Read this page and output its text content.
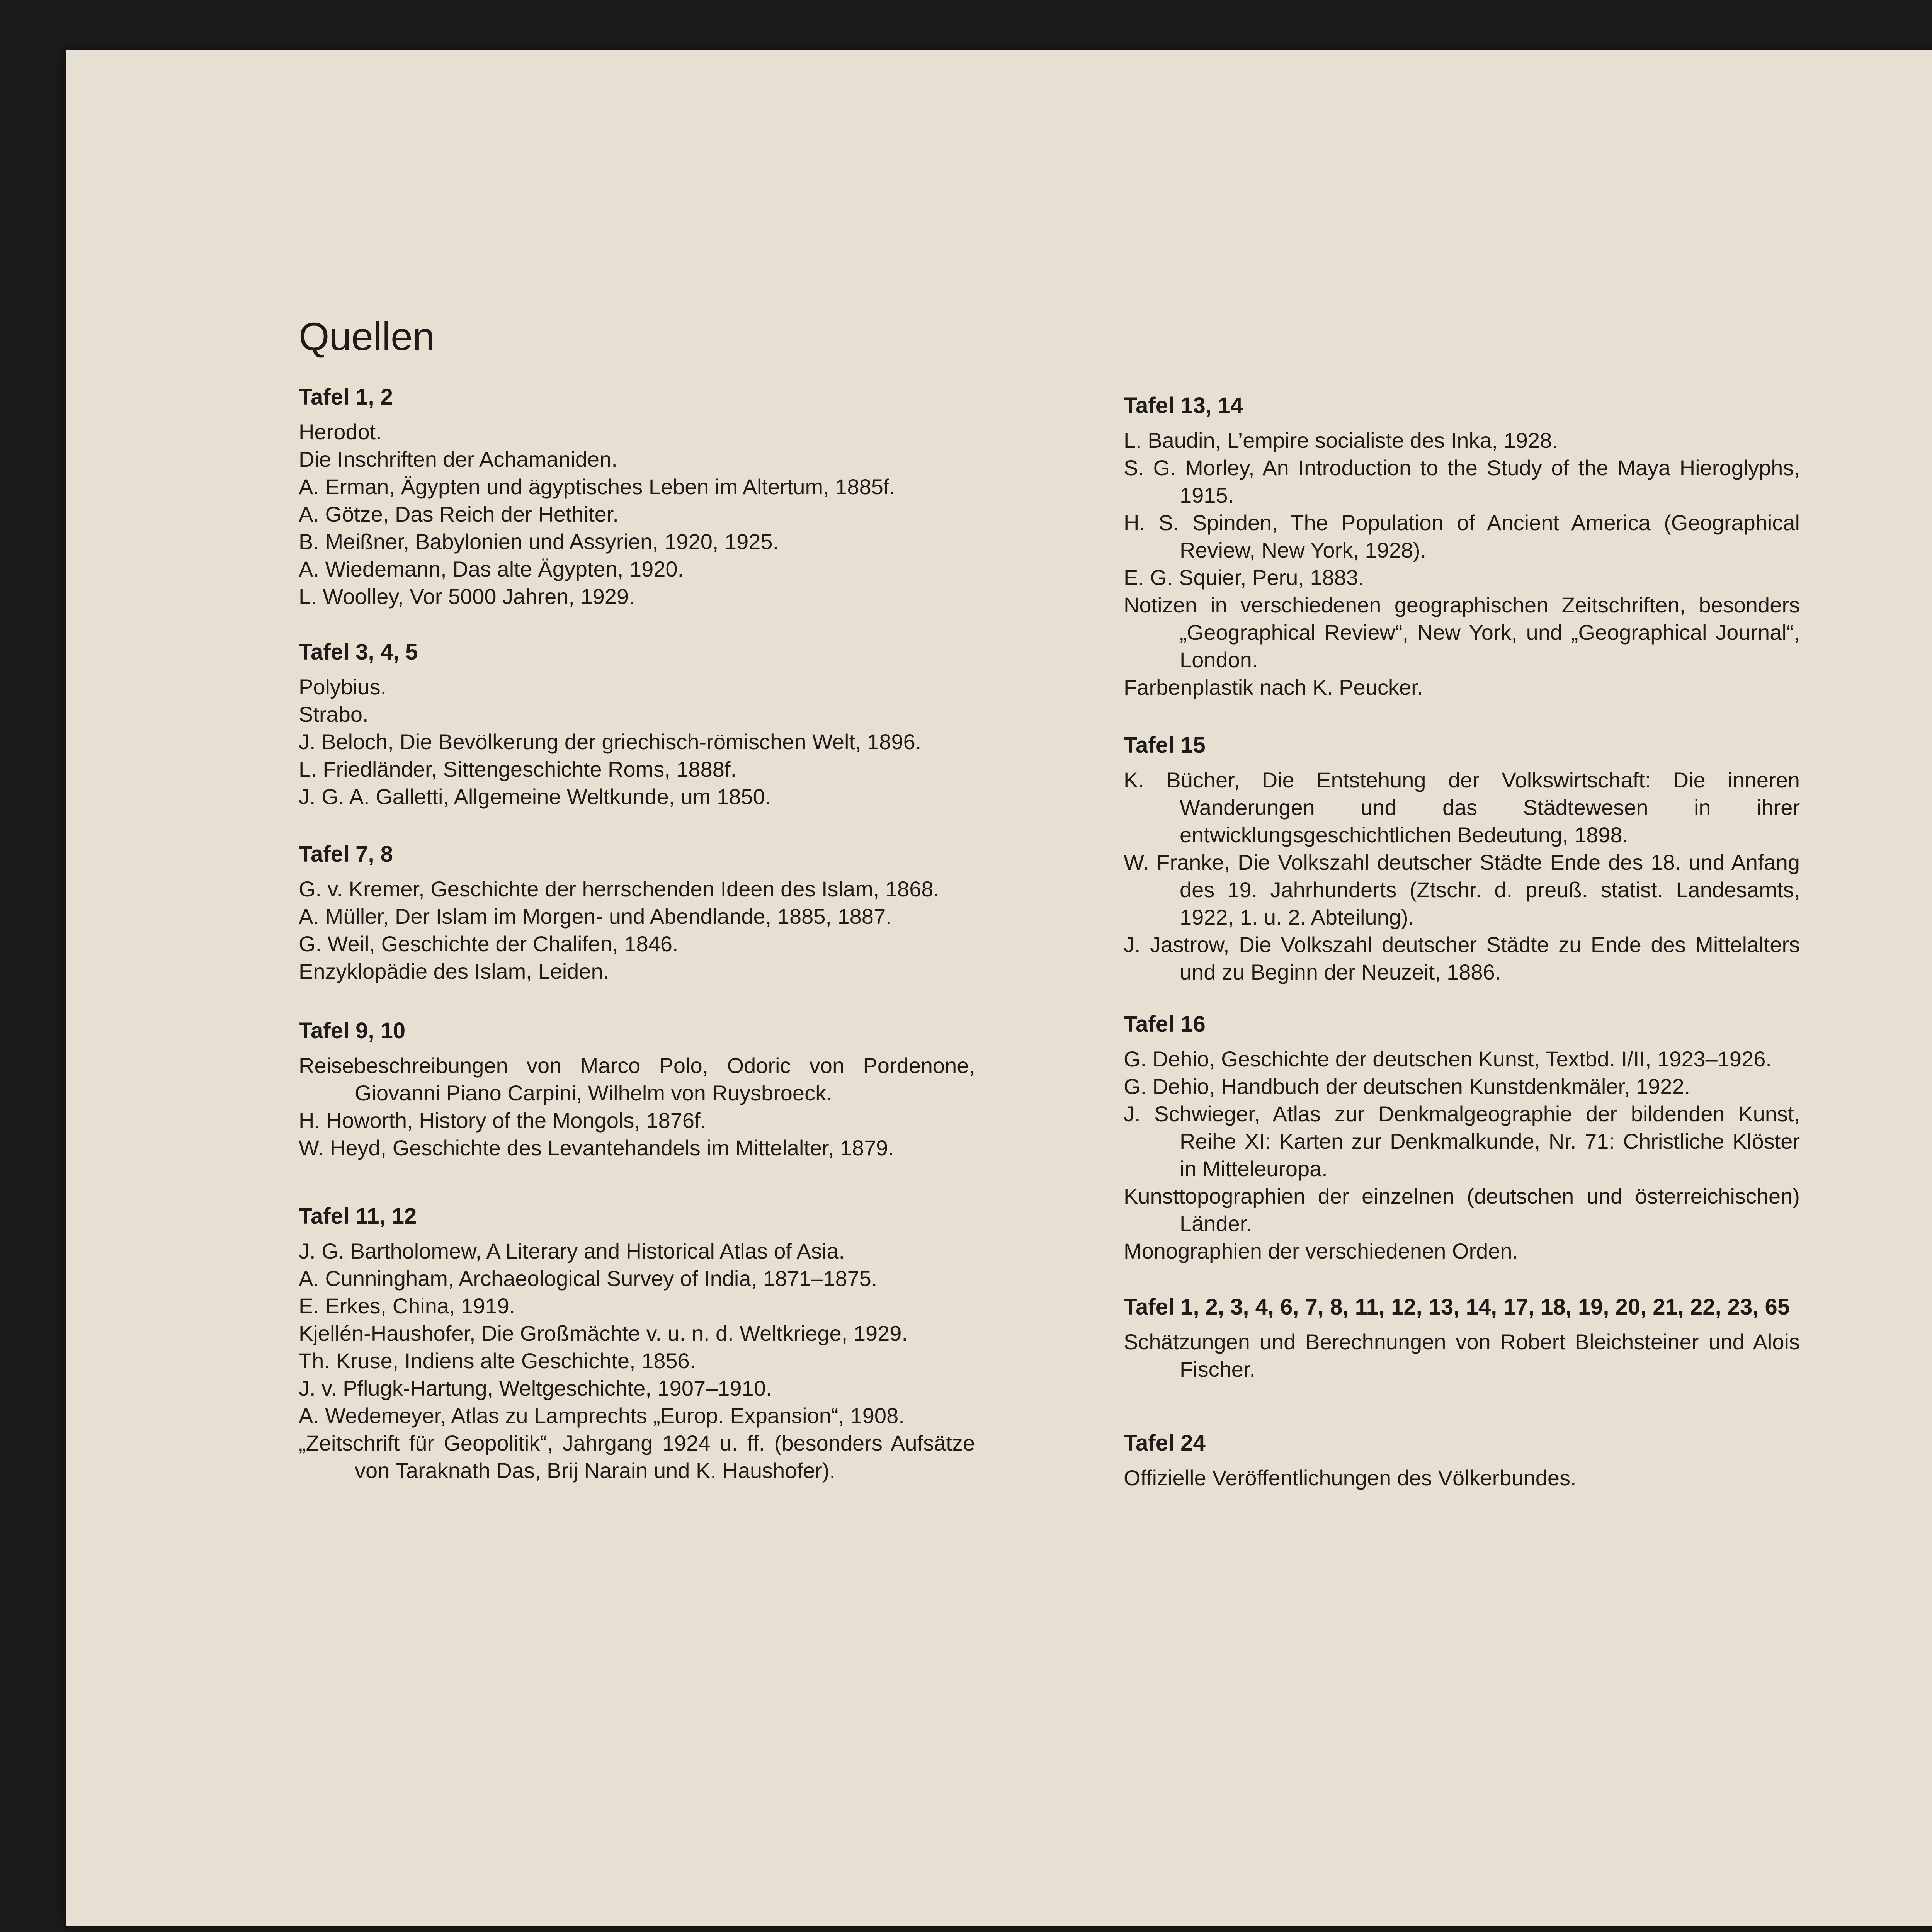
Quellen
Tafel 1, 2
Herodot.
Die Inschriften der Achamaniden.
A. Erman, Ägypten und ägyptisches Leben im Altertum, 1885f.
A. Götze, Das Reich der Hethiter.
B. Meißner, Babylonien und Assyrien, 1920, 1925.
A. Wiedemann, Das alte Ägypten, 1920.
L. Woolley, Vor 5000 Jahren, 1929.
Tafel 3, 4, 5
Polybius.
Strabo.
J. Beloch, Die Bevölkerung der griechisch-römischen Welt, 1896.
L. Friedländer, Sittengeschichte Roms, 1888f.
J. G. A. Galletti, Allgemeine Weltkunde, um 1850.
Tafel 7, 8
G. v. Kremer, Geschichte der herrschenden Ideen des Islam, 1868.
A. Müller, Der Islam im Morgen- und Abendlande, 1885, 1887.
G. Weil, Geschichte der Chalifen, 1846.
Enzyklopädie des Islam, Leiden.
Tafel 9, 10
Reisebeschreibungen von Marco Polo, Odoric von Pordenone, Giovanni Piano Carpini, Wilhelm von Ruysbroeck.
H. Howorth, History of the Mongols, 1876f.
W. Heyd, Geschichte des Levantehandels im Mittelalter, 1879.
Tafel 11, 12
J. G. Bartholomew, A Literary and Historical Atlas of Asia.
A. Cunningham, Archaeological Survey of India, 1871–1875.
E. Erkes, China, 1919.
Kjellén-Haushofer, Die Großmächte v. u. n. d. Weltkriege, 1929.
Th. Kruse, Indiens alte Geschichte, 1856.
J. v. Pflugk-Hartung, Weltgeschichte, 1907–1910.
A. Wedemeyer, Atlas zu Lamprechts „Europ. Expansion“, 1908.
„Zeitschrift für Geopolitik“, Jahrgang 1924 u. ff. (besonders Aufsätze von Taraknath Das, Brij Narain und K. Haushofer).
Tafel 13, 14
L. Baudin, L’empire socialiste des Inka, 1928.
S. G. Morley, An Introduction to the Study of the Maya Hieroglyphs, 1915.
H. S. Spinden, The Population of Ancient America (Geographical Review, New York, 1928).
E. G. Squier, Peru, 1883.
Notizen in verschiedenen geographischen Zeitschriften, besonders „Geographical Review“, New York, und „Geographical Journal“, London.
Farbenplastik nach K. Peucker.
Tafel 15
K. Bücher, Die Entstehung der Volkswirtschaft: Die inneren Wanderungen und das Städtewesen in ihrer entwicklungsgeschichtlichen Bedeutung, 1898.
W. Franke, Die Volkszahl deutscher Städte Ende des 18. und Anfang des 19. Jahrhunderts (Ztschr. d. preuß. statist. Landesamts, 1922, 1. u. 2. Abteilung).
J. Jastrow, Die Volkszahl deutscher Städte zu Ende des Mittelalters und zu Beginn der Neuzeit, 1886.
Tafel 16
G. Dehio, Geschichte der deutschen Kunst, Textbd. I/II, 1923–1926.
G. Dehio, Handbuch der deutschen Kunstdenkmäler, 1922.
J. Schwieger, Atlas zur Denkmalgeographie der bildenden Kunst, Reihe XI: Karten zur Denkmalkunde, Nr. 71: Christliche Klöster in Mitteleuropa.
Kunsttopographien der einzelnen (deutschen und österreichischen) Länder.
Monographien der verschiedenen Orden.
Tafel 1, 2, 3, 4, 6, 7, 8, 11, 12, 13, 14, 17, 18, 19, 20, 21, 22, 23, 65
Schätzungen und Berechnungen von Robert Bleichsteiner und Alois Fischer.
Tafel 24
Offizielle Veröffentlichungen des Völkerbundes.
